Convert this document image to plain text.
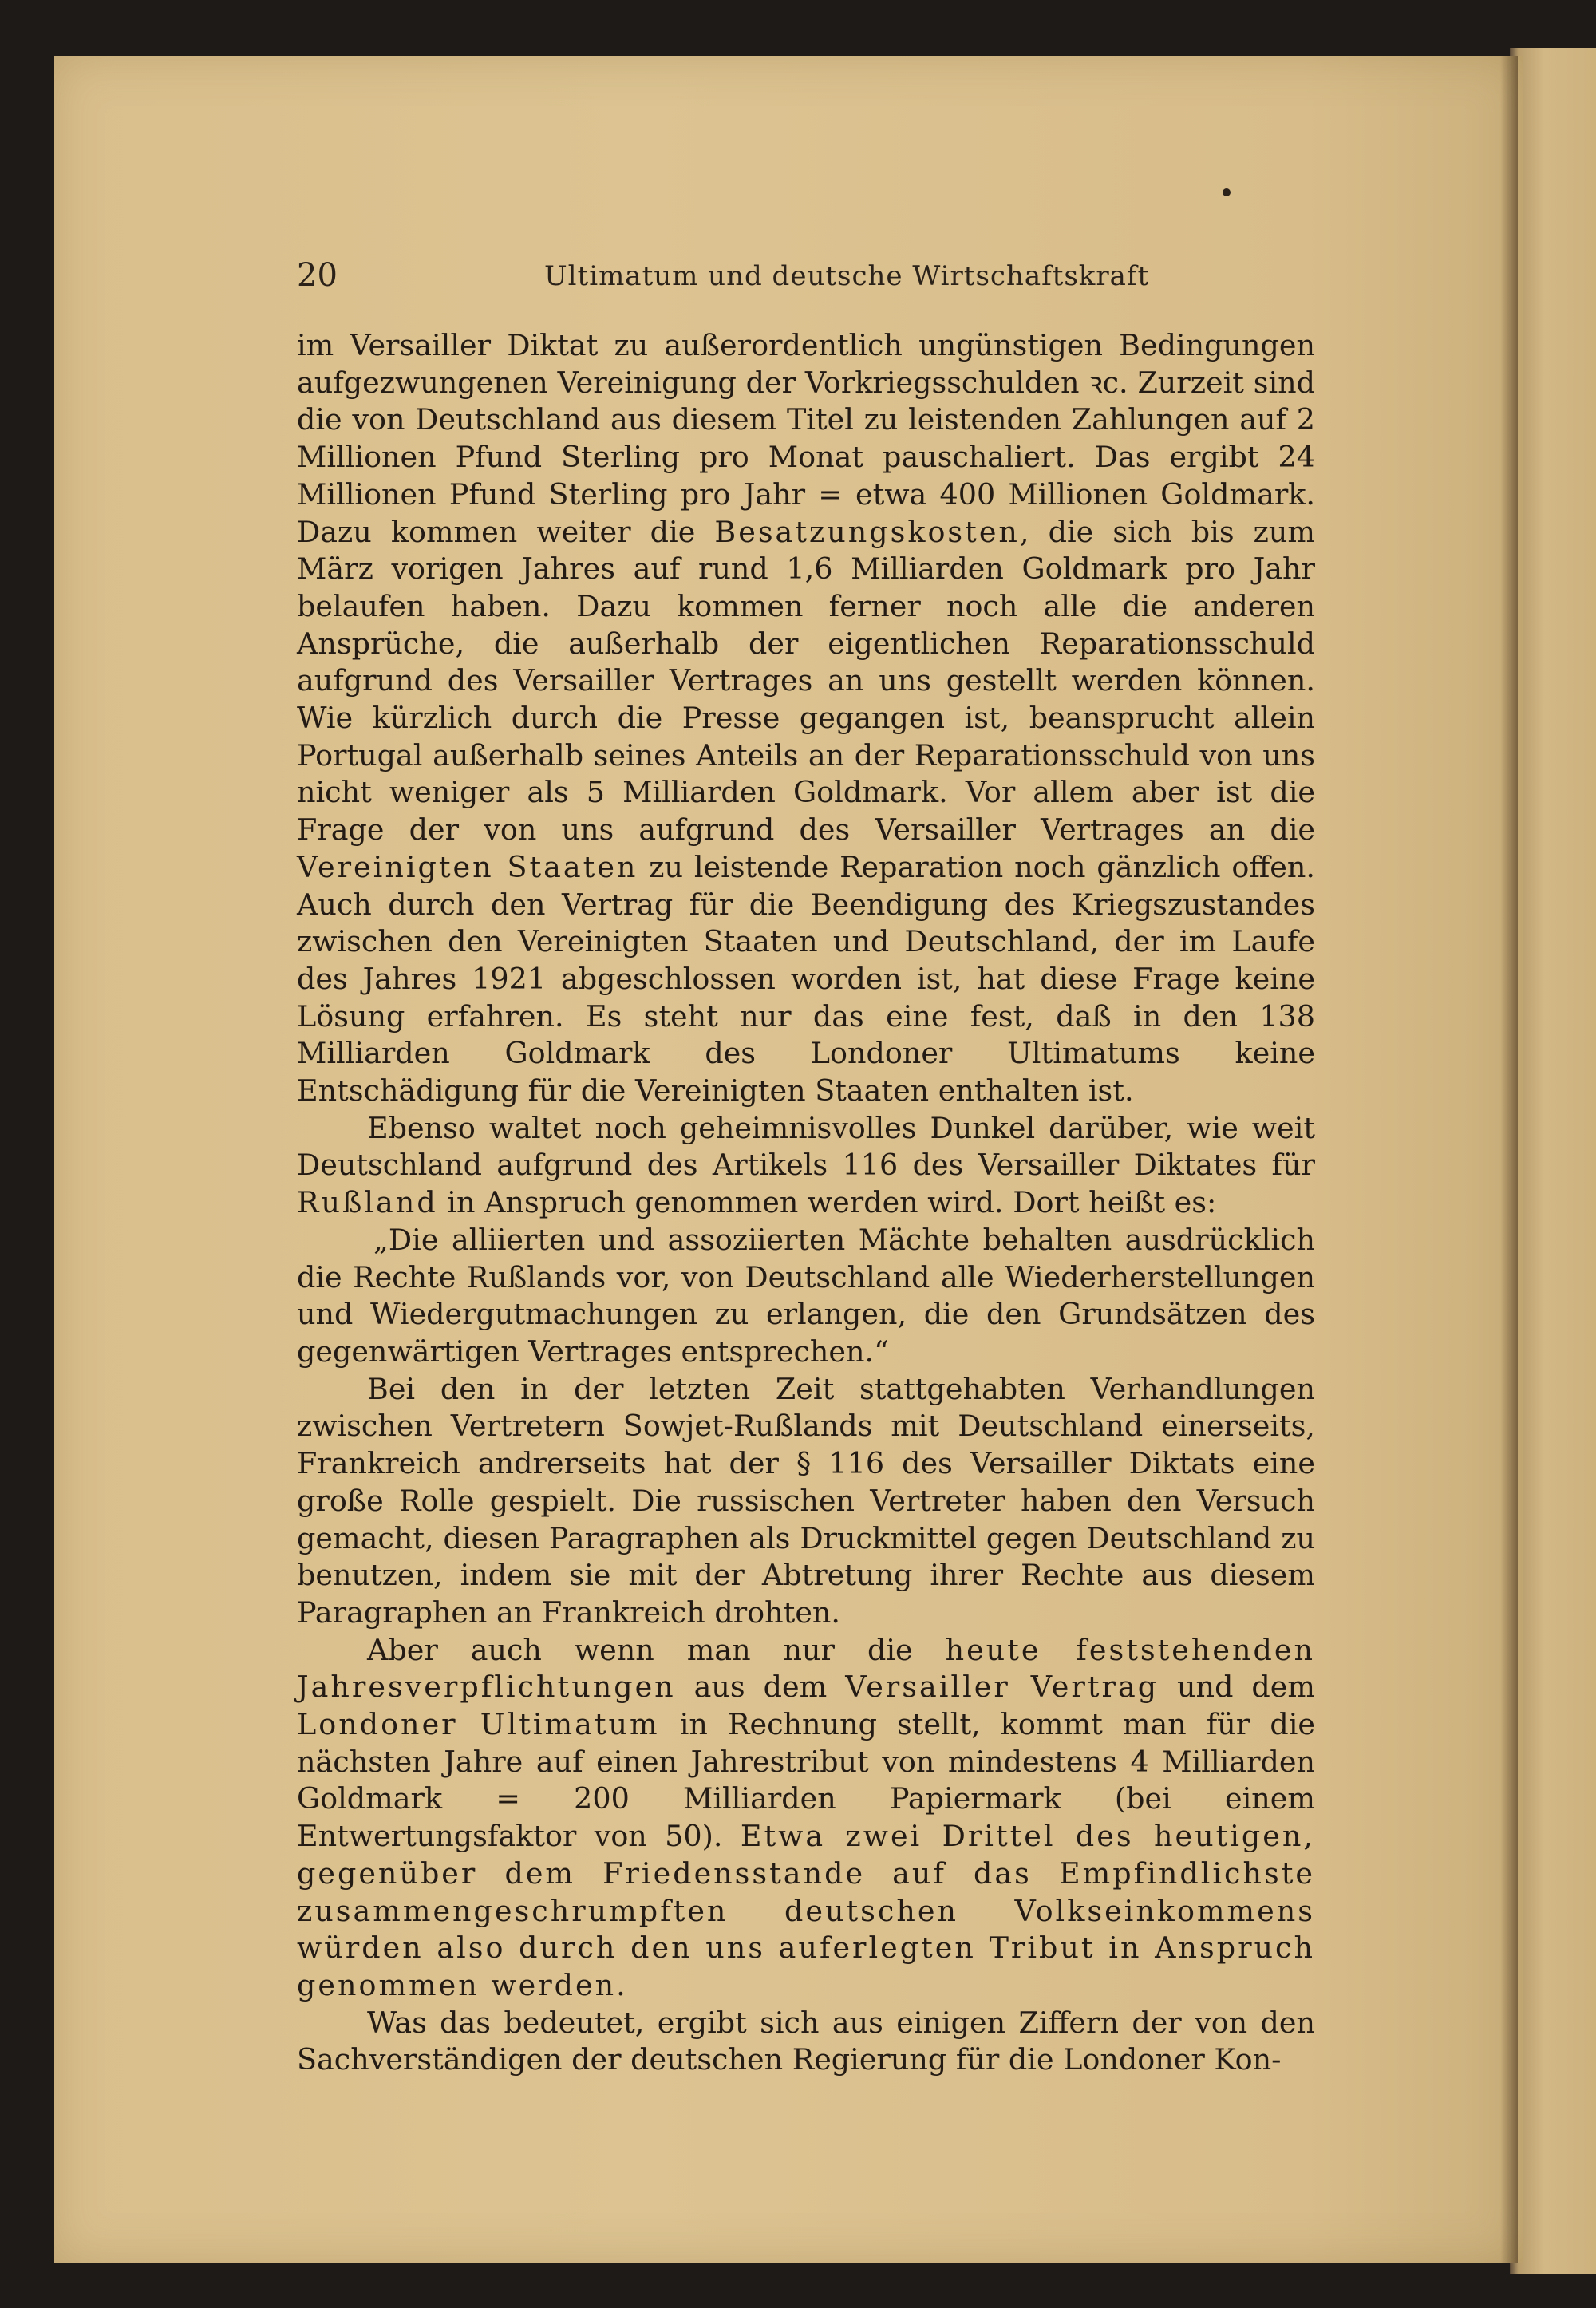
20	Ultimatum und deutsche Wirtschaftskraft

im Versailler Diktat zu außerordentlich ungünstigen Bedingungen aufgezwungenen Vereinigung der Vorkriegsschulden ꝛc. Zurzeit sind die von Deutschland aus diesem Titel zu leistenden Zahlungen auf 2 Millionen Pfund Sterling pro Monat pauschaliert. Das ergibt 24 Millionen Pfund Sterling pro Jahr = etwa 400 Millionen Goldmark. Dazu kommen weiter die Besatzungskosten, die sich bis zum März vorigen Jahres auf rund 1,6 Milliarden Goldmark pro Jahr belaufen haben. Dazu kommen ferner noch alle die anderen Ansprüche, die außerhalb der eigentlichen Reparationsschuld aufgrund des Versailler Vertrages an uns gestellt werden können. Wie kürzlich durch die Presse gegangen ist, beansprucht allein Portugal außerhalb seines Anteils an der Reparationsschuld von uns nicht weniger als 5 Milliarden Goldmark. Vor allem aber ist die Frage der von uns aufgrund des Versailler Vertrages an die Vereinigten Staaten zu leistende Reparation noch gänzlich offen. Auch durch den Vertrag für die Beendigung des Kriegszustandes zwischen den Vereinigten Staaten und Deutschland, der im Laufe des Jahres 1921 abgeschlossen worden ist, hat diese Frage keine Lösung erfahren. Es steht nur das eine fest, daß in den 138 Milliarden Goldmark des Londoner Ultimatums keine Entschädigung für die Vereinigten Staaten enthalten ist.

Ebenso waltet noch geheimnisvolles Dunkel darüber, wie weit Deutschland aufgrund des Artikels 116 des Versailler Diktates für Rußland in Anspruch genommen werden wird. Dort heißt es:

„Die alliierten und assoziierten Mächte behalten ausdrücklich die Rechte Rußlands vor, von Deutschland alle Wiederherstellungen und Wiedergutmachungen zu erlangen, die den Grundsätzen des gegenwärtigen Vertrages entsprechen.“

Bei den in der letzten Zeit stattgehabten Verhandlungen zwischen Vertretern Sowjet-Rußlands mit Deutschland einerseits, Frankreich andrerseits hat der § 116 des Versailler Diktats eine große Rolle gespielt. Die russischen Vertreter haben den Versuch gemacht, diesen Paragraphen als Druckmittel gegen Deutschland zu benutzen, indem sie mit der Abtretung ihrer Rechte aus diesem Paragraphen an Frankreich drohten.

Aber auch wenn man nur die heute feststehenden Jahresverpflichtungen aus dem Versailler Vertrag und dem Londoner Ultimatum in Rechnung stellt, kommt man für die nächsten Jahre auf einen Jahrestribut von mindestens 4 Milliarden Goldmark = 200 Milliarden Papiermark (bei einem Entwertungsfaktor von 50). Etwa zwei Drittel des heutigen, gegenüber dem Friedensstande auf das Empfindlichste zusammengeschrumpften deutschen Volkseinkommens würden also durch den uns auferlegten Tribut in Anspruch genommen werden.

Was das bedeutet, ergibt sich aus einigen Ziffern der von den Sachverständigen der deutschen Regierung für die Londoner Kon-
